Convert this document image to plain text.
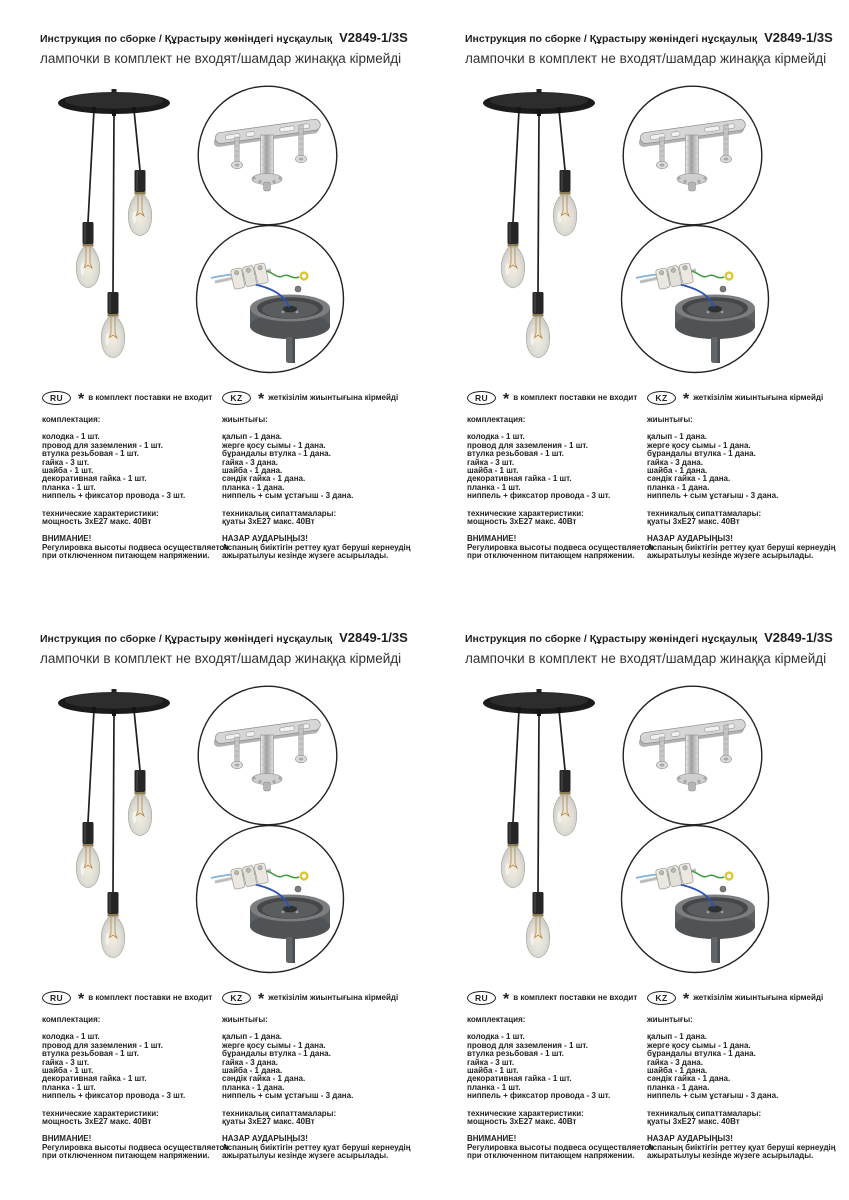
Инструкция по сборке / Құрастыру жөніндегі нұсқаулық V2849-1/3S
лампочки в комплект не входят/шамдар жинаққа кірмейді
RU * в комплект поставки не входит
комплектация:
колодка - 1 шт.
провод для заземления - 1 шт.
втулка резьбовая - 1 шт.
гайка - 3 шт.
шайба - 1 шт.
декоративная гайка - 1 шт.
планка - 1 шт.
ниппель + фиксатор провода - 3 шт.
технические характеристики:
мощность 3хЕ27 макс. 40Вт
ВНИМАНИЕ!
Регулировка высоты подвеса осуществляется
при отключенном питающем напряжении.
KZ * жеткізілім жиынтығына кірмейді
жиынтығы:
қалып - 1 дана.
жерге қосу сымы - 1 дана.
бұрандалы втулка - 1 дана.
гайка - 3 дана.
шайба - 1 дана.
сәндік гайка - 1 дана.
планка - 1 дана.
ниппель + сым ұстағыш - 3 дана.
техникалық сипаттамалары:
қуаты 3хЕ27 макс. 40Вт
НАЗАР АУДАРЫҢЫЗ!
Аспаның биіктігін реттеу қуат беруші кернеудің
ажыратылуы кезінде жүзеге асырылады.
Инструкция по сборке / Құрастыру жөніндегі нұсқаулық V2849-1/3S
лампочки в комплект не входят/шамдар жинаққа кірмейді
RU * в комплект поставки не входит
комплектация:
колодка - 1 шт.
провод для заземления - 1 шт.
втулка резьбовая - 1 шт.
гайка - 3 шт.
шайба - 1 шт.
декоративная гайка - 1 шт.
планка - 1 шт.
ниппель + фиксатор провода - 3 шт.
технические характеристики:
мощность 3хЕ27 макс. 40Вт
ВНИМАНИЕ!
Регулировка высоты подвеса осуществляется
при отключенном питающем напряжении.
KZ * жеткізілім жиынтығына кірмейді
жиынтығы:
қалып - 1 дана.
жерге қосу сымы - 1 дана.
бұрандалы втулка - 1 дана.
гайка - 3 дана.
шайба - 1 дана.
сәндік гайка - 1 дана.
планка - 1 дана.
ниппель + сым ұстағыш - 3 дана.
техникалық сипаттамалары:
қуаты 3хЕ27 макс. 40Вт
НАЗАР АУДАРЫҢЫЗ!
Аспаның биіктігін реттеу қуат беруші кернеудің
ажыратылуы кезінде жүзеге асырылады.
Инструкция по сборке / Құрастыру жөніндегі нұсқаулық V2849-1/3S
лампочки в комплект не входят/шамдар жинаққа кірмейді
RU * в комплект поставки не входит
комплектация:
колодка - 1 шт.
провод для заземления - 1 шт.
втулка резьбовая - 1 шт.
гайка - 3 шт.
шайба - 1 шт.
декоративная гайка - 1 шт.
планка - 1 шт.
ниппель + фиксатор провода - 3 шт.
технические характеристики:
мощность 3хЕ27 макс. 40Вт
ВНИМАНИЕ!
Регулировка высоты подвеса осуществляется
при отключенном питающем напряжении.
KZ * жеткізілім жиынтығына кірмейді
жиынтығы:
қалып - 1 дана.
жерге қосу сымы - 1 дана.
бұрандалы втулка - 1 дана.
гайка - 3 дана.
шайба - 1 дана.
сәндік гайка - 1 дана.
планка - 1 дана.
ниппель + сым ұстағыш - 3 дана.
техникалық сипаттамалары:
қуаты 3хЕ27 макс. 40Вт
НАЗАР АУДАРЫҢЫЗ!
Аспаның биіктігін реттеу қуат беруші кернеудің
ажыратылуы кезінде жүзеге асырылады.
Инструкция по сборке / Құрастыру жөніндегі нұсқаулық V2849-1/3S
лампочки в комплект не входят/шамдар жинаққа кірмейді
RU * в комплект поставки не входит
комплектация:
колодка - 1 шт.
провод для заземления - 1 шт.
втулка резьбовая - 1 шт.
гайка - 3 шт.
шайба - 1 шт.
декоративная гайка - 1 шт.
планка - 1 шт.
ниппель + фиксатор провода - 3 шт.
технические характеристики:
мощность 3хЕ27 макс. 40Вт
ВНИМАНИЕ!
Регулировка высоты подвеса осуществляется
при отключенном питающем напряжении.
KZ * жеткізілім жиынтығына кірмейді
жиынтығы:
қалып - 1 дана.
жерге қосу сымы - 1 дана.
бұрандалы втулка - 1 дана.
гайка - 3 дана.
шайба - 1 дана.
сәндік гайка - 1 дана.
планка - 1 дана.
ниппель + сым ұстағыш - 3 дана.
техникалық сипаттамалары:
қуаты 3хЕ27 макс. 40Вт
НАЗАР АУДАРЫҢЫЗ!
Аспаның биіктігін реттеу қуат беруші кернеудің
ажыратылуы кезінде жүзеге асырылады.
